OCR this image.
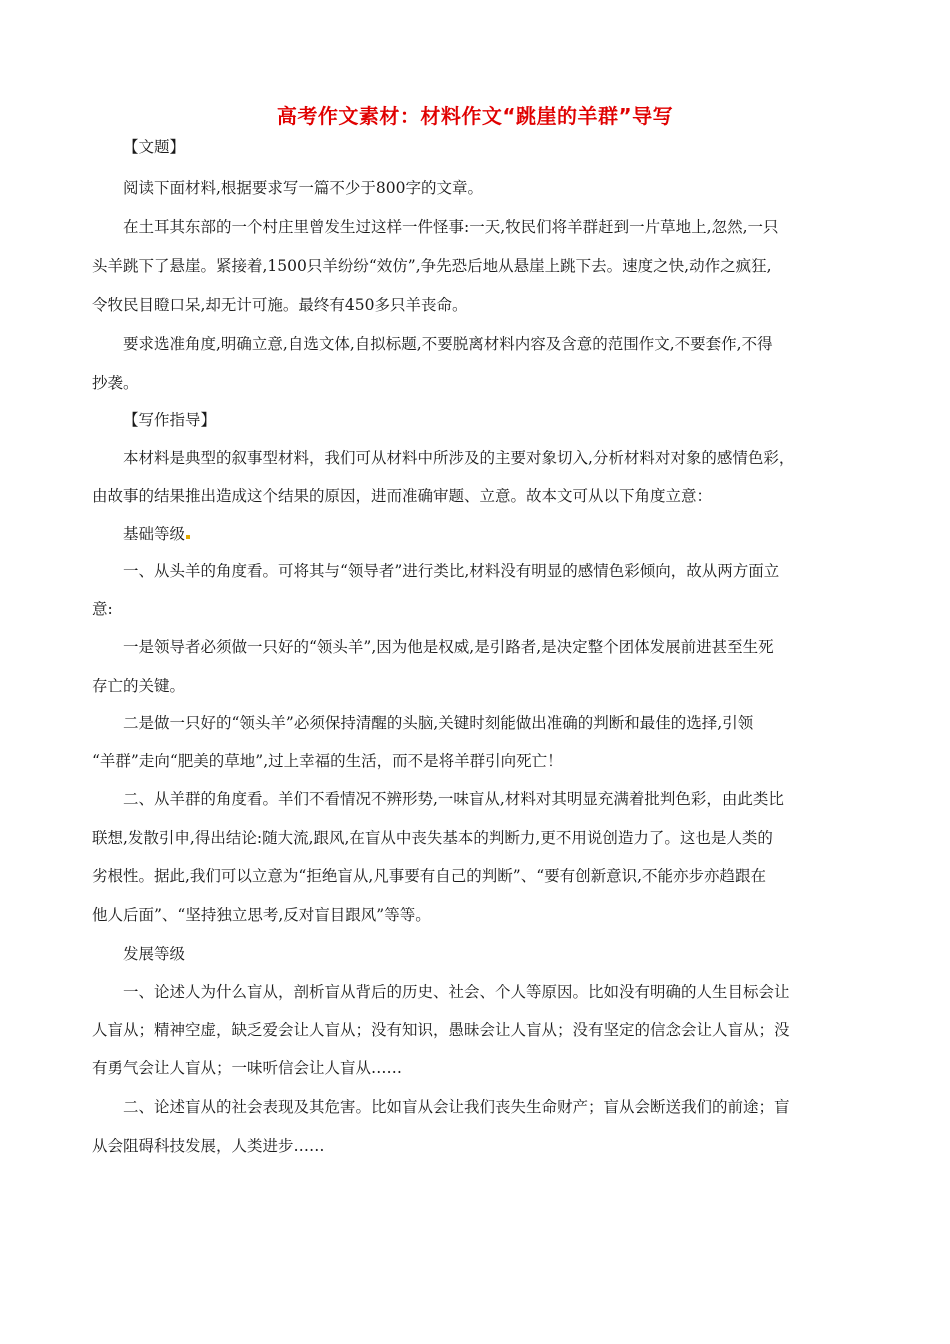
高考作文素材：材料作文“跳崖的羊群”导写
【文题】
阅读下面材料,根据要求写一篇不少于800字的文章。
在土耳其东部的一个村庄里曾发生过这样一件怪事:一天,牧民们将羊群赶到一片草地上,忽然,一只
头羊跳下了悬崖。紧接着,1500只羊纷纷“效仿”,争先恐后地从悬崖上跳下去。速度之快,动作之疯狂,
令牧民目瞪口呆,却无计可施。最终有450多只羊丧命。
要求选准角度,明确立意,自选文体,自拟标题,不要脱离材料内容及含意的范围作文,不要套作,不得
抄袭。
【写作指导】
本材料是典型的叙事型材料，我们可从材料中所涉及的主要对象切入,分析材料对对象的感情色彩，
由故事的结果推出造成这个结果的原因，进而准确审题、立意。故本文可从以下角度立意：
基础等级
一、从头羊的角度看。可将其与“领导者”进行类比,材料没有明显的感情色彩倾向，故从两方面立
意:
一是领导者必须做一只好的“领头羊”,因为他是权威,是引路者,是决定整个团体发展前进甚至生死
存亡的关键。
二是做一只好的“领头羊”必须保持清醒的头脑,关键时刻能做出准确的判断和最佳的选择,引领
“羊群”走向“肥美的草地”,过上幸福的生活，而不是将羊群引向死亡！
二、从羊群的角度看。羊们不看情况不辨形势,一味盲从,材料对其明显充满着批判色彩，由此类比
联想,发散引申,得出结论:随大流,跟风,在盲从中丧失基本的判断力,更不用说创造力了。这也是人类的
劣根性。据此,我们可以立意为“拒绝盲从,凡事要有自己的判断”、“要有创新意识,不能亦步亦趋跟在
他人后面”、“坚持独立思考,反对盲目跟风”等等。
发展等级
一、论述人为什么盲从，剖析盲从背后的历史、社会、个人等原因。比如没有明确的人生目标会让
人盲从；精神空虚，缺乏爱会让人盲从；没有知识，愚昧会让人盲从；没有坚定的信念会让人盲从；没
有勇气会让人盲从；一味听信会让人盲从……
二、论述盲从的社会表现及其危害。比如盲从会让我们丧失生命财产；盲从会断送我们的前途；盲
从会阻碍科技发展，人类进步……
